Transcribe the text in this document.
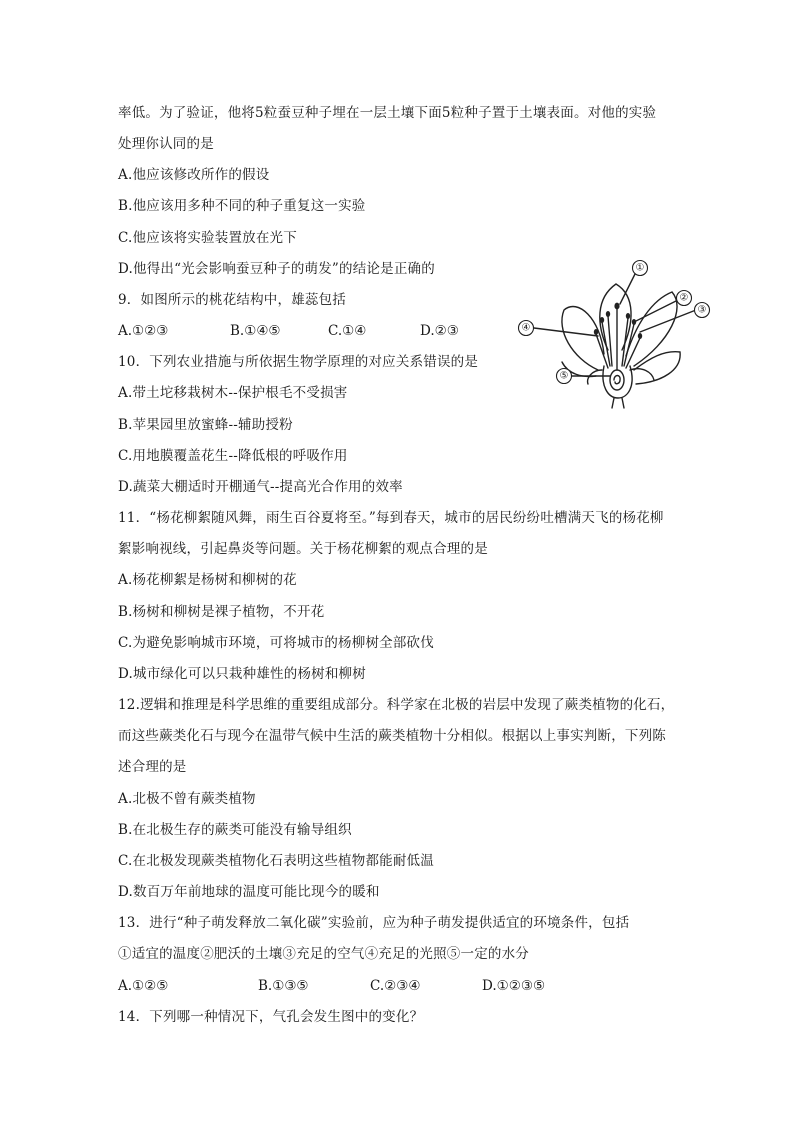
率低。为了验证，他将5粒蚕豆种子埋在一层土壤下面5粒种子置于土壤表面。对他的实验
处理你认同的是
A.他应该修改所作的假设
B.他应该用多种不同的种子重复这一实验
C.他应该将实验装置放在光下
D.他得出“光会影响蚕豆种子的萌发”的结论是正确的
9．如图所示的桃花结构中，雄蕊包括
A.①②③	B.①④⑤	C.①④	D.②③
①
②
③
④
⑤
10．下列农业措施与所依据生物学原理的对应关系错误的是
A.带土坨移栽树木--保护根毛不受损害
B.苹果园里放蜜蜂--辅助授粉
C.用地膜覆盖花生--降低根的呼吸作用
D.蔬菜大棚适时开棚通气--提高光合作用的效率
11．“杨花柳絮随风舞，雨生百谷夏将至。”每到春天，城市的居民纷纷吐槽满天飞的杨花柳
絮影响视线，引起鼻炎等问题。关于杨花柳絮的观点合理的是
A.杨花柳絮是杨树和柳树的花
B.杨树和柳树是裸子植物，不开花
C.为避免影响城市环境，可将城市的杨柳树全部砍伐
D.城市绿化可以只栽种雄性的杨树和柳树
12.逻辑和推理是科学思维的重要组成部分。科学家在北极的岩层中发现了蕨类植物的化石，
而这些蕨类化石与现今在温带气候中生活的蕨类植物十分相似。根据以上事实判断，下列陈
述合理的是
A.北极不曾有蕨类植物
B.在北极生存的蕨类可能没有输导组织
C.在北极发现蕨类植物化石表明这些植物都能耐低温
D.数百万年前地球的温度可能比现今的暖和
13．进行“种子萌发释放二氧化碳”实验前，应为种子萌发提供适宜的环境条件，包括
①适宜的温度②肥沃的土壤③充足的空气④充足的光照⑤一定的水分
A.①②⑤	B.①③⑤	C.②③④	D.①②③⑤
14．下列哪一种情况下，气孔会发生图中的变化？
